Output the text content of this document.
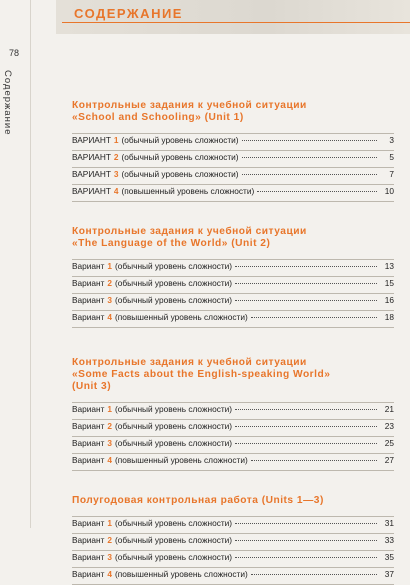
78
Содержание
СОДЕРЖАНИЕ
Контрольные задания к учебной ситуации
«School and Schooling» (Unit 1)
ВАРИАНТ 1 (обычный уровень сложности)	3
ВАРИАНТ 2 (обычный уровень сложности)	5
ВАРИАНТ 3 (обычный уровень сложности)	7
ВАРИАНТ 4 (повышенный уровень сложности)	10
Контрольные задания к учебной ситуации
«The Language of the World» (Unit 2)
Вариант 1 (обычный уровень сложности)	13
Вариант 2 (обычный уровень сложности)	15
Вариант 3 (обычный уровень сложности)	16
Вариант 4 (повышенный уровень сложности)	18
Контрольные задания к учебной ситуации
«Some Facts about the English-speaking World»
(Unit 3)
Вариант 1 (обычный уровень сложности)	21
Вариант 2 (обычный уровень сложности)	23
Вариант 3 (обычный уровень сложности)	25
Вариант 4 (повышенный уровень сложности)	27
Полугодовая контрольная работа (Units 1—3)
Вариант 1 (обычный уровень сложности)	31
Вариант 2 (обычный уровень сложности)	33
Вариант 3 (обычный уровень сложности)	35
Вариант 4 (повышенный уровень сложности)	37
